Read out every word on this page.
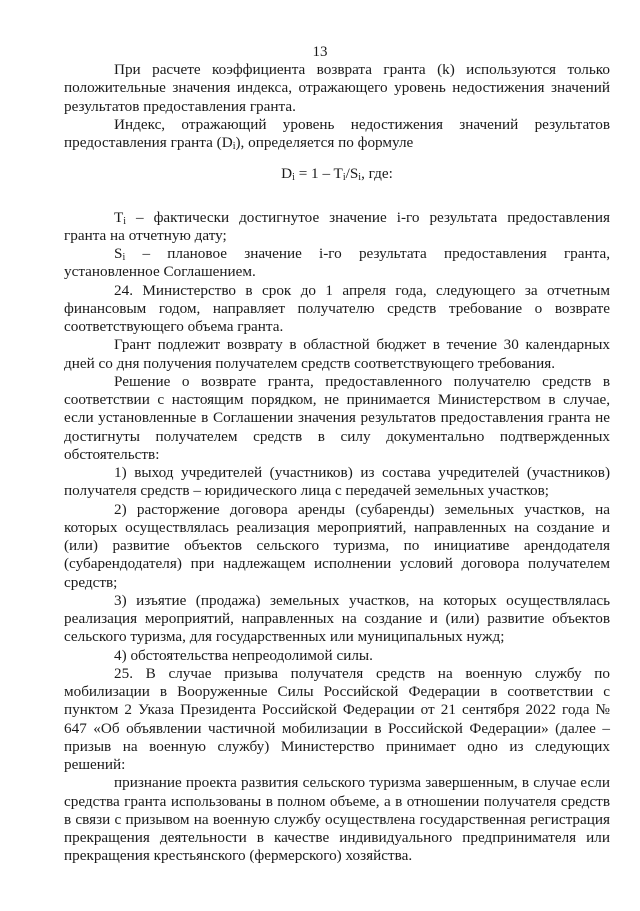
13

При расчете коэффициента возврата гранта (k) используются только положительные значения индекса, отражающего уровень недостижения значений результатов предоставления гранта.

Индекс, отражающий уровень недостижения значений результатов предоставления гранта $(D_i)$, определяется по формуле

$D_i = 1 - T_i/S_i$, где:

$T_i$ – фактически достигнутое значение i-го результата предоставления гранта на отчетную дату;

$S_i$ – плановое значение i-го результата предоставления гранта, установленное Соглашением.

24. Министерство в срок до 1 апреля года, следующего за отчетным финансовым годом, направляет получателю средств требование о возврате соответствующего объема гранта.

Грант подлежит возврату в областной бюджет в течение 30 календарных дней со дня получения получателем средств соответствующего требования.

Решение о возврате гранта, предоставленного получателю средств в соответствии с настоящим порядком, не принимается Министерством в случае, если установленные в Соглашении значения результатов предоставления гранта не достигнуты получателем средств в силу документально подтвержденных обстоятельств:

1) выход учредителей (участников) из состава учредителей (участников) получателя средств – юридического лица с передачей земельных участков;

2) расторжение договора аренды (субаренды) земельных участков, на которых осуществлялась реализация мероприятий, направленных на создание и (или) развитие объектов сельского туризма, по инициативе арендодателя (субарендодателя) при надлежащем исполнении условий договора получателем средств;

3) изъятие (продажа) земельных участков, на которых осуществлялась реализация мероприятий, направленных на создание и (или) развитие объектов сельского туризма, для государственных или муниципальных нужд;

4) обстоятельства непреодолимой силы.

25. В случае призыва получателя средств на военную службу по мобилизации в Вооруженные Силы Российской Федерации в соответствии с пунктом 2 Указа Президента Российской Федерации от 21 сентября 2022 года № 647 «Об объявлении частичной мобилизации в Российской Федерации» (далее – призыв на военную службу) Министерство принимает одно из следующих решений:

признание проекта развития сельского туризма завершенным, в случае если средства гранта использованы в полном объеме, а в отношении получателя средств в связи с призывом на военную службу осуществлена государственная регистрация прекращения деятельности в качестве индивидуального предпринимателя или прекращения крестьянского (фермерского) хозяйства.
